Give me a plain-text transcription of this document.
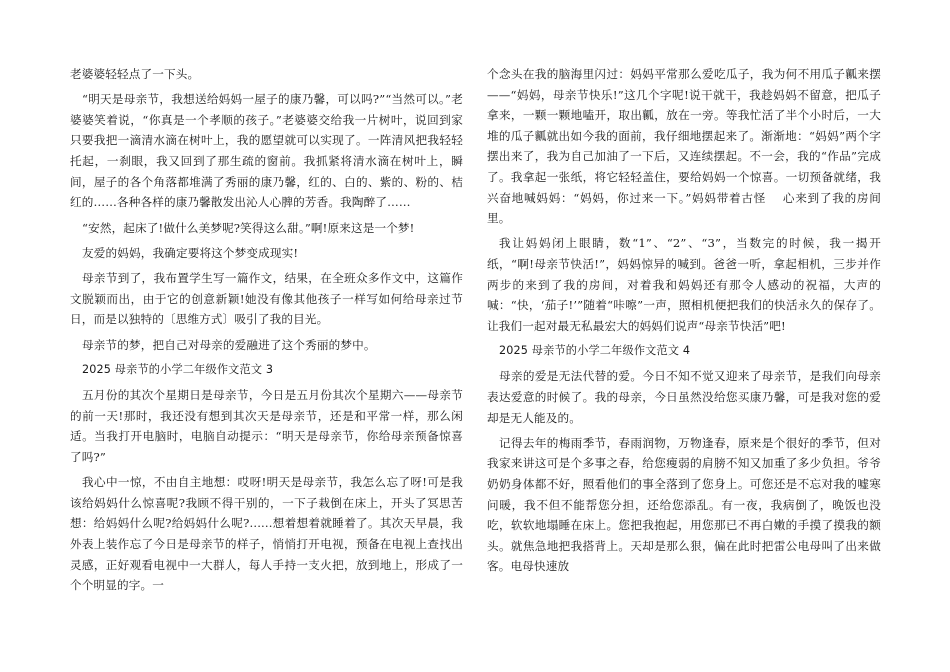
老婆婆轻轻点了一下头。

“明天是母亲节，我想送给妈妈一屋子的康乃馨，可以吗?”“当然可以。”老婆婆笑着说，“你真是一个孝顺的孩子。”老婆婆交给我一片树叶，说回到家只要我把一滴清水滴在树叶上，我的愿望就可以实现了。一阵清风把我轻轻托起，一刹眼，我又回到了那生疏的窗前。我抓紧将清水滴在树叶上，瞬间，屋子的各个角落都堆满了秀丽的康乃馨，红的、白的、紫的、粉的、桔红的……各种各样的康乃馨散发出沁人心脾的芳香。我陶醉了……

“安然，起床了!做什么美梦呢?笑得这么甜。”啊!原来这是一个梦!

友爱的妈妈，我确定要将这个梦变成现实!

母亲节到了，我布置学生写一篇作文，结果，在全班众多作文中，这篇作文脱颖而出，由于它的创意新颖!她没有像其他孩子一样写如何给母亲过节日，而是以独特的〔思维方式〕吸引了我的目光。

母亲节的梦，把自己对母亲的爱融进了这个秀丽的梦中。

2025 母亲节的小学二年级作文范文 3

五月份的其次个星期日是母亲节，今日是五月份其次个星期六——母亲节的前一天!那时，我还没有想到其次天是母亲节，还是和平常一样，那么闲适。当我打开电脑时，电脑自动提示：“明天是母亲节，你给母亲预备惊喜了吗?”

我心中一惊，不由自主地想：哎呀!明天是母亲节，我怎么忘了呀!可是我该给妈妈什么惊喜呢?我顾不得干别的，一下子栽倒在床上，开头了冥思苦想：给妈妈什么呢?给妈妈什么呢?......想着想着就睡着了。其次天早晨，我外表上装作忘了今日是母亲节的样子，悄悄打开电视，预备在电视上查找出灵感，正好观看电视中一大群人，每人手持一支火把，放到地上，形成了一个个明显的字。一

个念头在我的脑海里闪过：妈妈平常那么爱吃瓜子，我为何不用瓜子瓤来摆——“妈妈，母亲节快乐!”这几个字呢!说干就干，我趁妈妈不留意，把瓜子拿来，一颗一颗地嗑开，取出瓤，放在一旁。等我忙活了半个小时后，一大堆的瓜子瓤就出如今我的面前，我仔细地摆起来了。渐渐地：“妈妈”两个字摆出来了，我为自己加油了一下后，又连续摆起。不一会，我的“作品”完成了。我拿起一张纸，将它轻轻盖住，要给妈妈一个惊喜。一切预备就绪，我兴奋地喊妈妈：“妈妈，你过来一下。”妈妈带着古怪　 心来到了我的房间里。

我让妈妈闭上眼睛，数“1”、“2”、“3”，当数完的时候，我一揭开纸，“啊!母亲节快活!”，妈妈惊异的喊到。爸爸一听，拿起相机，三步并作两步的来到了我的房间，对着我和妈妈还有那令人感动的祝福，大声的喊：“快，‘茄子!’”随着“咔嚓”一声，照相机便把我们的快活永久的保存了。让我们一起对最无私最宏大的妈妈们说声“母亲节快活”吧!

2025 母亲节的小学二年级作文范文 4

母亲的爱是无法代替的爱。今日不知不觉又迎来了母亲节，是我们向母亲表达爱意的时候了。我的母亲，今日虽然没给您买康乃馨，可是我对您的爱却是无人能及的。

记得去年的梅雨季节，春雨润物，万物逢春，原来是个很好的季节，但对我家来讲这可是个多事之春，给您瘦弱的肩膀不知又加重了多少负担。爷爷奶奶身体都不好，照看他们的事全落到了您身上。可您还是不忘对我的嘘寒问暖，我不但不能帮您分担，还给您添乱。有一夜，我病倒了，晚饭也没吃，软软地塌睡在床上。您把我抱起，用您那已不再白嫩的手摸了摸我的额头。就焦急地把我搭背上。天却是那么狠，偏在此时把雷公电母叫了出来做客。电母快速放
